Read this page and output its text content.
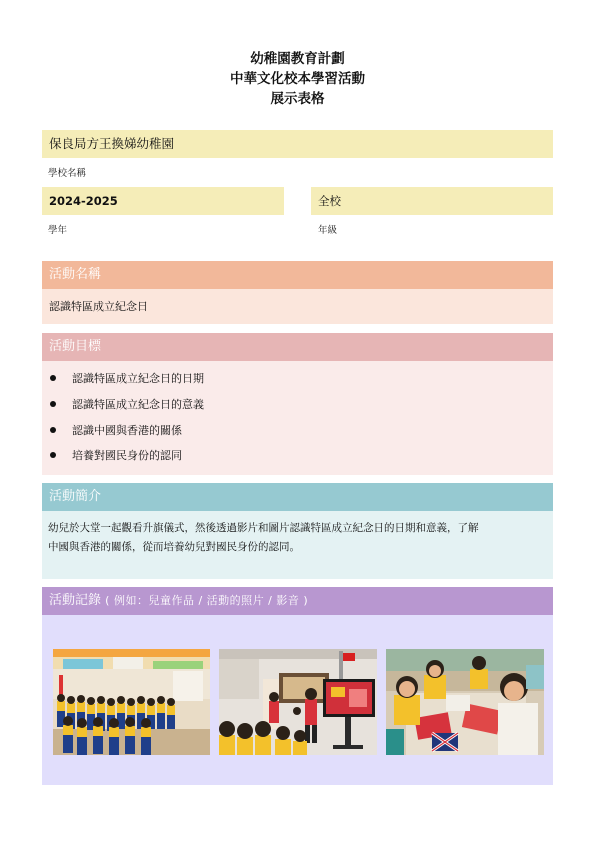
幼稚園教育計劃
中華文化校本學習活動
展示表格
保良局方王換娣幼稚園
學校名稱
2024-2025
學年
全校
年級
活動名稱
認識特區成立紀念日
活動目標
認識特區成立紀念日的日期
認識特區成立紀念日的意義
認識中國與香港的關係
培養對國民身份的認同
活動簡介
幼兒於大堂一起觀看升旗儀式，然後透過影片和圖片認識特區成立紀念日的日期和意義，了解
中國與香港的關係，從而培養幼兒對國民身份的認同。
活動記錄 ( 例如：兒童作品 / 活動的照片 / 影音 )
